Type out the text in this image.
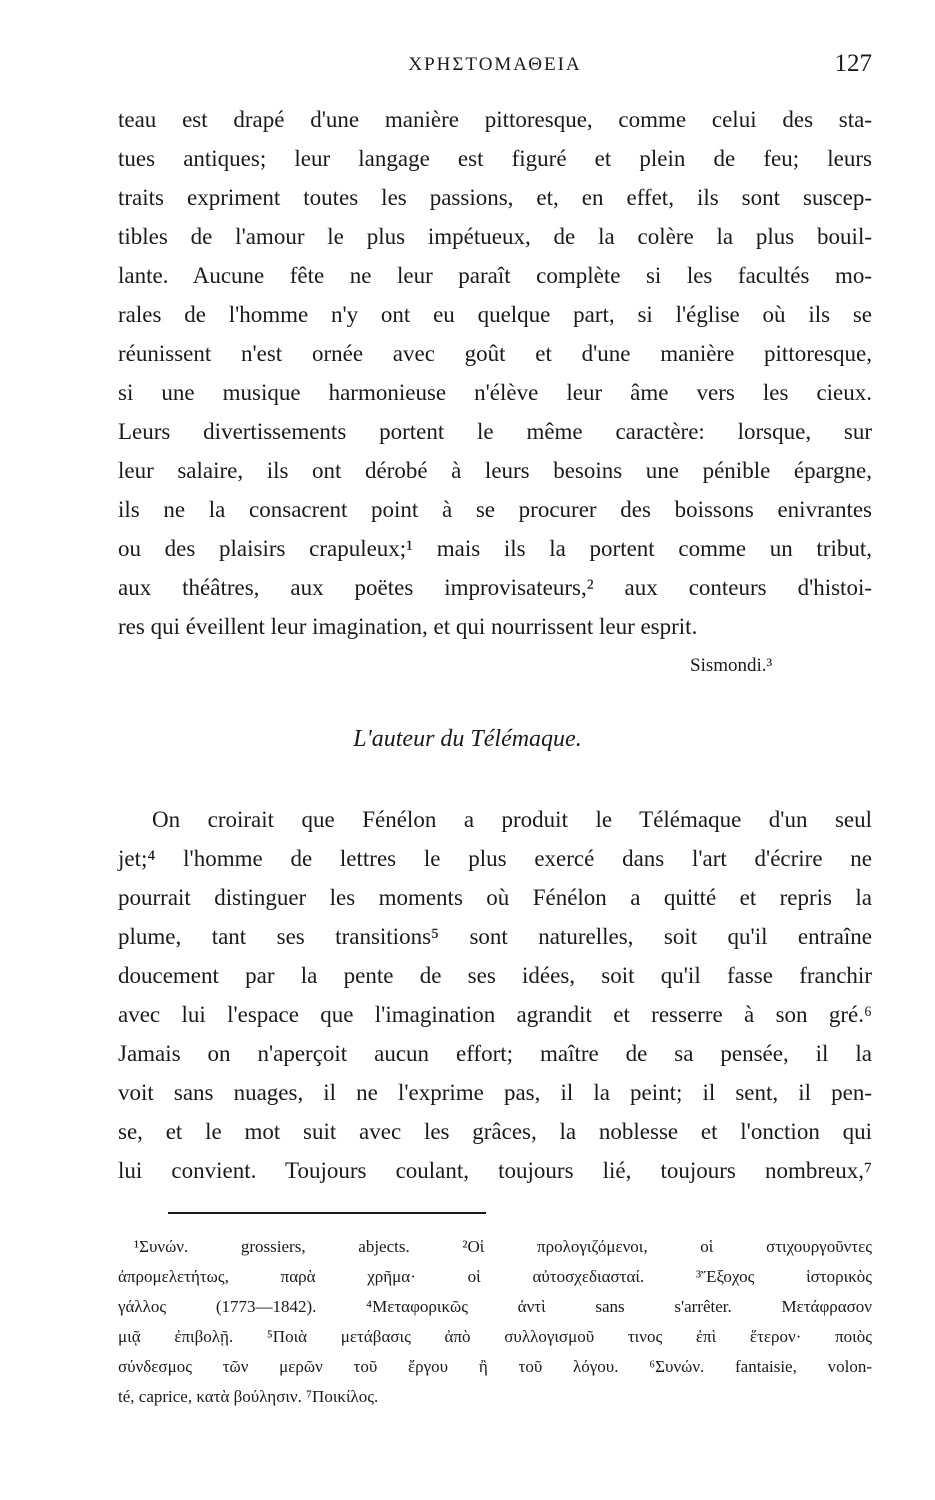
ΧΡΗΣΤΟΜΑΘΕΙΑ	127
teau est drapé d'une manière pittoresque, comme celui des sta-
tues antiques; leur langage est figuré et plein de feu; leurs
traits expriment toutes les passions, et, en effet, ils sont suscep-
tibles de l'amour le plus impétueux, de la colère la plus bouil-
lante. Aucune fête ne leur paraît complète si les facultés mo-
rales de l'homme n'y ont eu quelque part, si l'église où ils se
réunissent n'est ornée avec goût et d'une manière pittoresque,
si une musique harmonieuse n'élève leur âme vers les cieux.
Leurs divertissements portent le même caractère: lorsque, sur
leur salaire, ils ont dérobé à leurs besoins une pénible épargne,
ils ne la consacrent point à se procurer des boissons enivrantes
ou des plaisirs crapuleux;¹ mais ils la portent comme un tribut,
aux théâtres, aux poëtes improvisateurs,² aux conteurs d'histoi-
res qui éveillent leur imagination, et qui nourrissent leur esprit.
Sismondi.³
L'auteur du Télémaque.
On croirait que Fénélon a produit le Télémaque d'un seul
jet;⁴ l'homme de lettres le plus exercé dans l'art d'écrire ne
pourrait distinguer les moments où Fénélon a quitté et repris la
plume, tant ses transitions⁵ sont naturelles, soit qu'il entraîne
doucement par la pente de ses idées, soit qu'il fasse franchir
avec lui l'espace que l'imagination agrandit et resserre à son gré.⁶
Jamais on n'aperçoit aucun effort; maître de sa pensée, il la
voit sans nuages, il ne l'exprime pas, il la peint; il sent, il pen-
se, et le mot suit avec les grâces, la noblesse et l'onction qui
lui convient. Toujours coulant, toujours lié, toujours nombreux,⁷
¹Συνών. grossiers, abjects. ²Οἱ προλογιζόμενοι, οἱ στιχουργοῦντες
ἀπρομελετήτως, παρὰ χρῆμα· οἱ αὐτοσχεδιασταί. ³Ἔξοχος ἱστορικὸς
γάλλος (1773—1842). ⁴Μεταφορικῶς ἀντὶ sans s'arrêter. Μετάφρασον
μιᾷ ἐπιβολῇ. ⁵Ποιὰ μετάβασις ἀπὸ συλλογισμοῦ τινος ἐπὶ ἕτερον· ποιὸς
σύνδεσμος τῶν μερῶν τοῦ ἔργου ἢ τοῦ λόγου. ⁶Συνών. fantaisie, volon-
té, caprice, κατὰ βούλησιν. ⁷Ποικίλος.
